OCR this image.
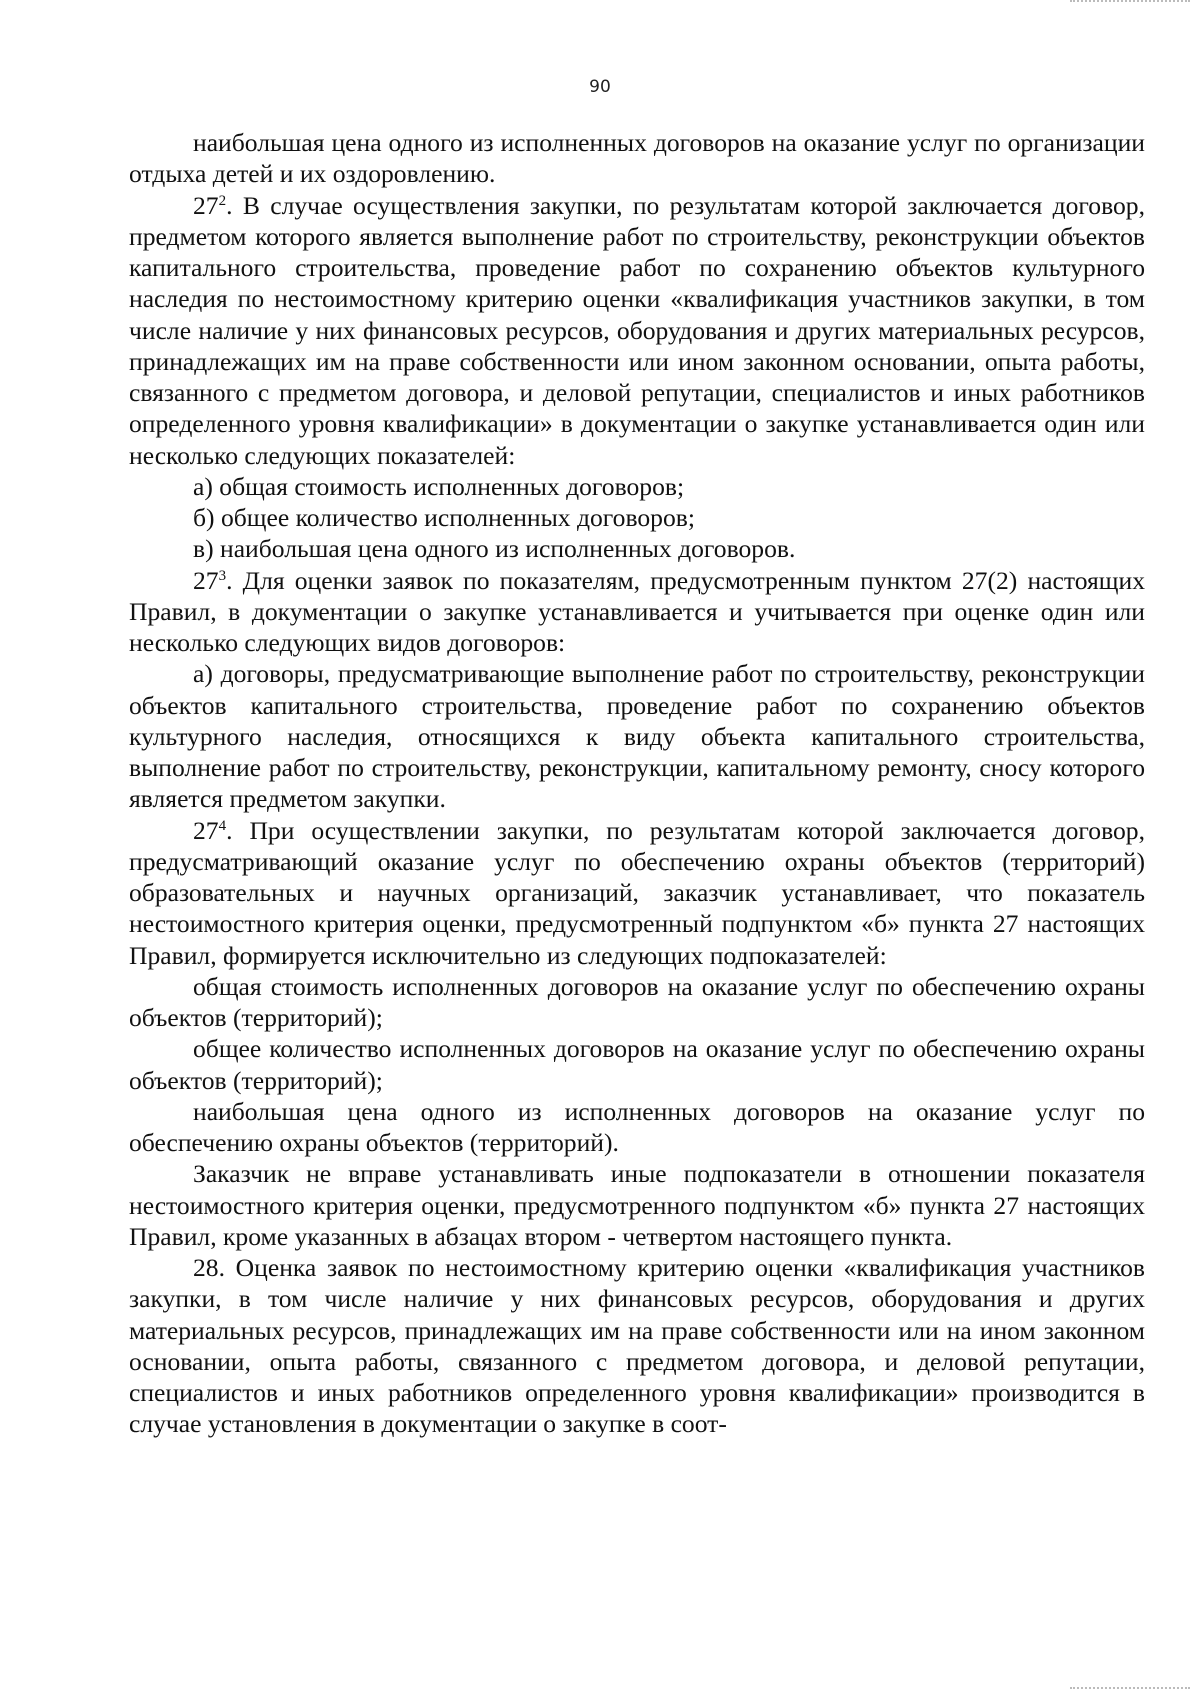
90

наибольшая цена одного из исполненных договоров на оказание услуг по организации отдыха детей и их оздоровлению.

$27^2$. В случае осуществления закупки, по результатам которой заключается договор, предметом которого является выполнение работ по строительству, реконструкции объектов капитального строительства, проведение работ по сохранению объектов культурного наследия по нестоимостному критерию оценки «квалификация участников закупки, в том числе наличие у них финансовых ресурсов, оборудования и других материальных ресурсов, принадлежащих им на праве собственности или ином законном основании, опыта работы, связанного с предметом договора, и деловой репутации, специалистов и иных работников определенного уровня квалификации» в документации о закупке устанавливается один или несколько следующих показателей:

а) общая стоимость исполненных договоров;

б) общее количество исполненных договоров;

в) наибольшая цена одного из исполненных договоров.

$27^3$. Для оценки заявок по показателям, предусмотренным пунктом 27(2) настоящих Правил, в документации о закупке устанавливается и учитывается при оценке один или несколько следующих видов договоров:

а) договоры, предусматривающие выполнение работ по строительству, реконструкции объектов капитального строительства, проведение работ по сохранению объектов культурного наследия, относящихся к виду объекта капитального строительства, выполнение работ по строительству, реконструкции, капитальному ремонту, сносу которого является предметом закупки.

$27^4$. При осуществлении закупки, по результатам которой заключается договор, предусматривающий оказание услуг по обеспечению охраны объектов (территорий) образовательных и научных организаций, заказчик устанавливает, что показатель нестоимостного критерия оценки, предусмотренный подпунктом «б» пункта 27 настоящих Правил, формируется исключительно из следующих подпоказателей:

общая стоимость исполненных договоров на оказание услуг по обеспечению охраны объектов (территорий);

общее количество исполненных договоров на оказание услуг по обеспечению охраны объектов (территорий);

наибольшая цена одного из исполненных договоров на оказание услуг по обеспечению охраны объектов (территорий).

Заказчик не вправе устанавливать иные подпоказатели в отношении показателя нестоимостного критерия оценки, предусмотренного подпунктом «б» пункта 27 настоящих Правил, кроме указанных в абзацах втором - четвертом настоящего пункта.

28. Оценка заявок по нестоимостному критерию оценки «квалификация участников закупки, в том числе наличие у них финансовых ресурсов, оборудования и других материальных ресурсов, принадлежащих им на праве собственности или на ином законном основании, опыта работы, связанного с предметом договора, и деловой репутации, специалистов и иных работников определенного уровня квалификации» производится в случае установления в документации о закупке в соот-
